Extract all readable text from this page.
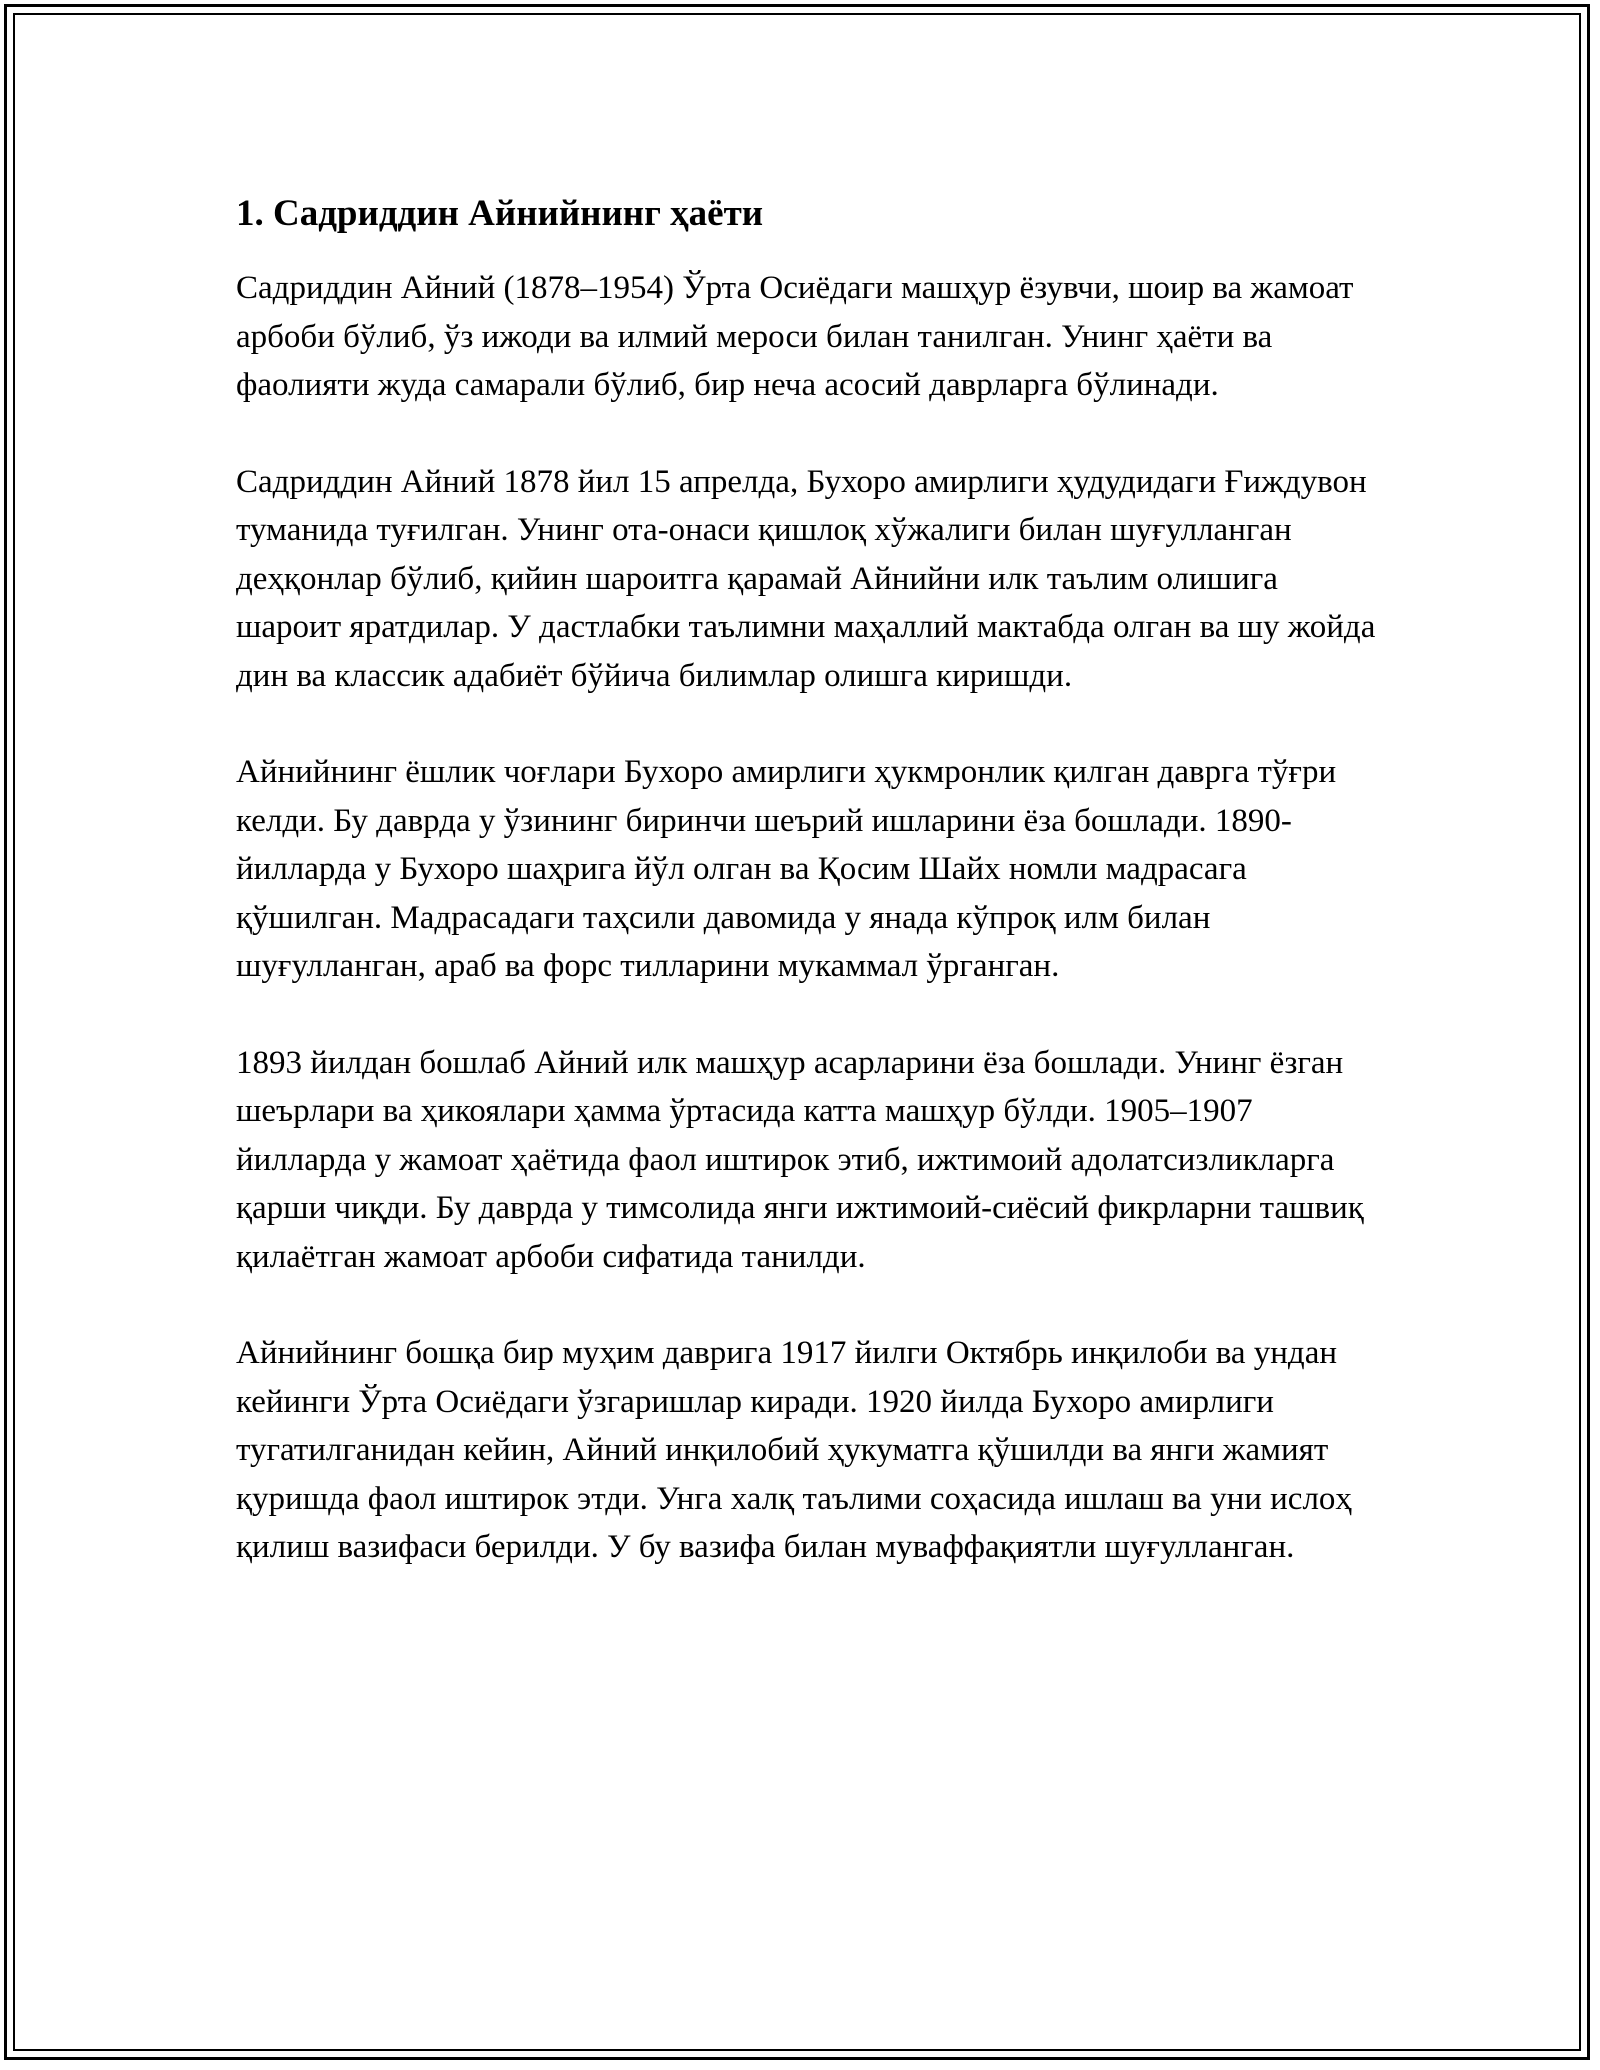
1. Садриддин Айнийнинг ҳаёти

Садриддин Айний (1878–1954) Ўрта Осиёдаги машҳур ёзувчи, шоир ва жамоат арбоби бўлиб, ўз ижоди ва илмий мероси билан танилган. Унинг ҳаёти ва фаолияти жуда самарали бўлиб, бир неча асосий даврларга бўлинади.

Садриддин Айний 1878 йил 15 апрелда, Бухоро амирлиги ҳудудидаги Ғиждувон туманида туғилган. Унинг ота-онаси қишлоқ хўжалиги билан шуғулланган деҳқонлар бўлиб, қийин шароитга қарамай Айнийни илк таълим олишига шароит яратдилар. У дастлабки таълимни маҳаллий мактабда олган ва шу жойда дин ва классик адабиёт бўйича билимлар олишга киришди.

Айнийнинг ёшлик чоғлари Бухоро амирлиги ҳукмронлик қилган даврга тўғри келди. Бу даврда у ўзининг биринчи шеърий ишларини ёза бошлади. 1890-йилларда у Бухоро шаҳрига йўл олган ва Қосим Шайх номли мадрасага қўшилган. Мадрасадаги таҳсили давомида у янада кўпроқ илм билан шуғулланган, араб ва форс тилларини мукаммал ўрганган.

1893 йилдан бошлаб Айний илк машҳур асарларини ёза бошлади. Унинг ёзган шеърлари ва ҳикоялари ҳамма ўртасида катта машҳур бўлди. 1905–1907 йилларда у жамоат ҳаётида фаол иштирок этиб, ижтимоий адолатсизликларга қарши чиқди. Бу даврда у тимсолида янги ижтимоий-сиёсий фикрларни ташвиқ қилаётган жамоат арбоби сифатида танилди.

Айнийнинг бошқа бир муҳим даврига 1917 йилги Октябрь инқилоби ва ундан кейинги Ўрта Осиёдаги ўзгаришлар киради. 1920 йилда Бухоро амирлиги тугатилганидан кейин, Айний инқилобий ҳукуматга қўшилди ва янги жамият қуришда фаол иштирок этди. Унга халқ таълими соҳасида ишлаш ва уни ислоҳ қилиш вазифаси берилди. У бу вазифа билан муваффақиятли шуғулланган.
